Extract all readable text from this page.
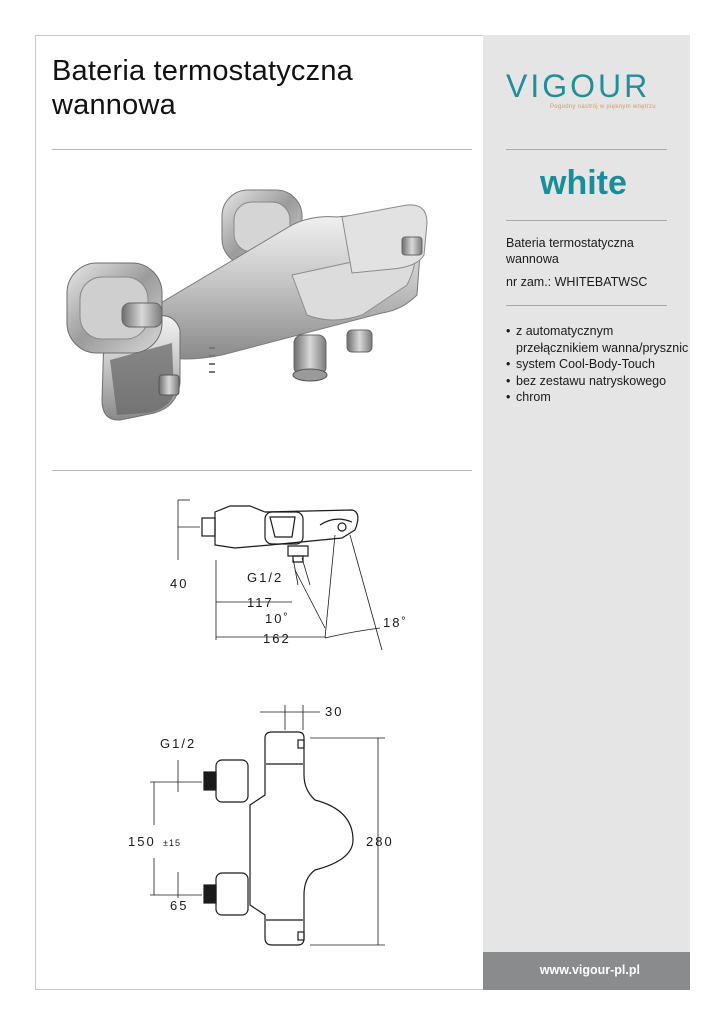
Bateria termostatyczna
wannowa
40	G1/2
117
10˚
162
18˚
30
G1/2
150 ±15	280
65
VIGOUR
Pogodny nastrój w pięknym wnętrzu
white
Bateria termostatyczna
wannowa
nr zam.: WHITEBATWSC
• z automatycznym
przełącznikiem wanna/prysznic
• system Cool-Body-Touch
• bez zestawu natryskowego
• chrom
www.vigour-pl.pl
